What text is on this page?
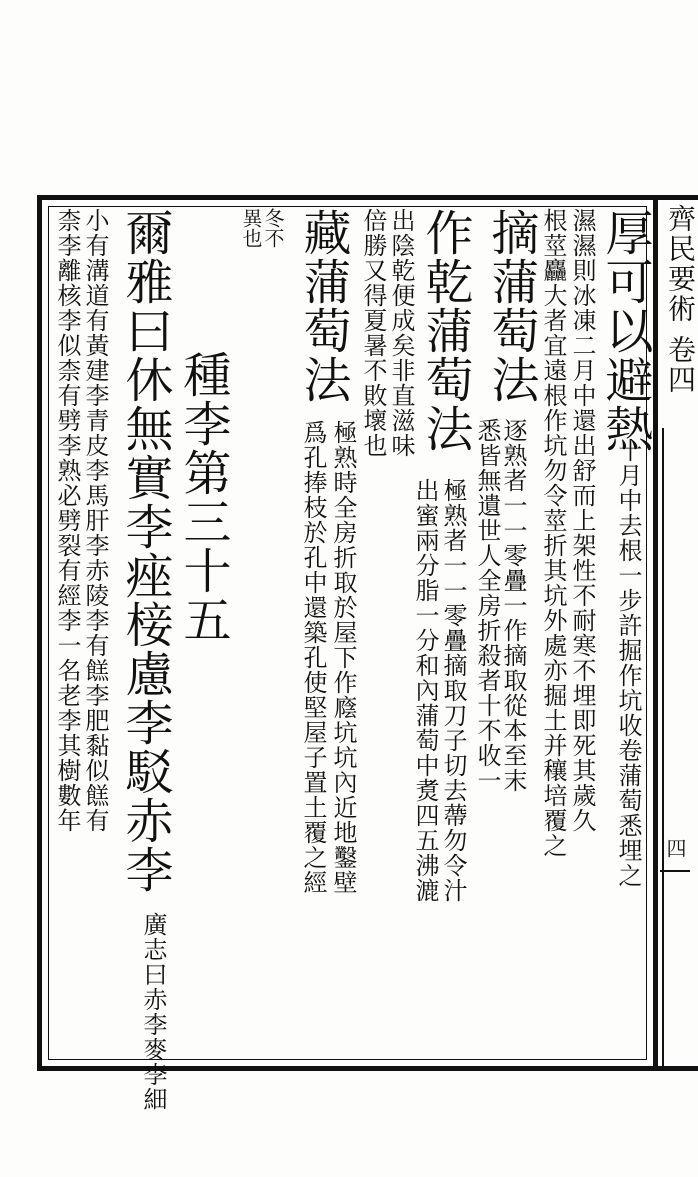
齊民要術 卷四
四
厚可以避熱
十月中去根一步許掘作坑收卷蒲萄悉埋之
濕濕則冰凍二月中還出舒而上架性不耐寒不埋即死其歲久
根莖麤大者宜遠根作坑勿令莖折其坑外處亦掘土并穰培覆之
摘蒲萄法
逐熟者一一零疊一作摘取從本至末
悉皆無遺世人全房折殺者十不收一
作乾蒲萄法
極熟者一一零疊摘取刀子切去蔕勿令汁
出蜜兩分脂一分和內蒲萄中煑四五沸漉
出陰乾便成矣非直滋味
倍勝又得夏暑不敗壞也
藏蒲萄法
極熟時全房折取於屋下作廕坑坑內近地鑿壁
爲孔捧枝於孔中還築孔使堅屋子置土覆之經
冬不
異也
種李第三十五
爾雅曰休無實李痤椄慮李駁赤李
廣志曰赤李麥李細
小有溝道有黃建李青皮李馬肝李赤陵李有餻李肥黏似餻有
柰李離核李似柰有劈李熟必劈裂有經李一名老李其樹數年
